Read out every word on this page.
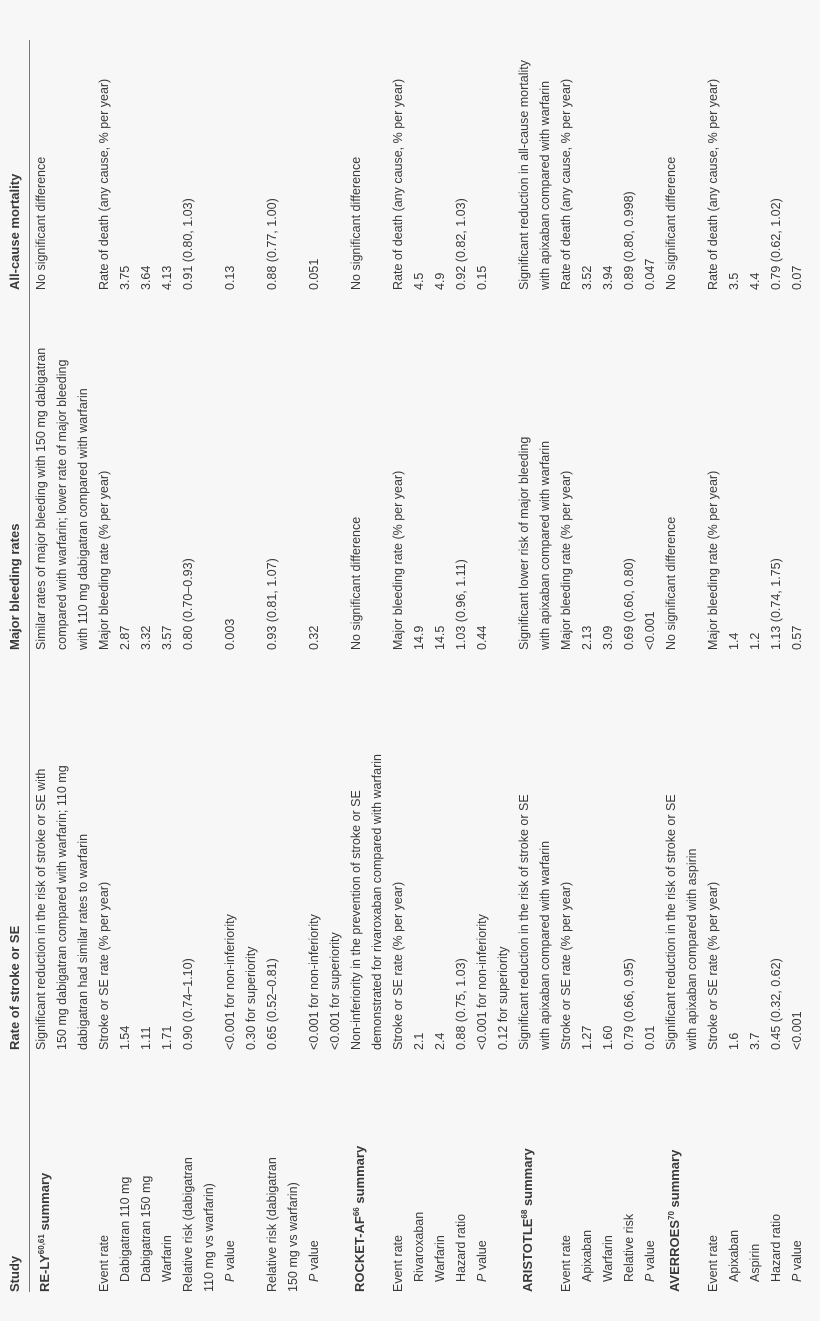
Study
Rate of stroke or SE
Major bleeding rates
All-cause mortality
RE-LY$^{60,61}$ summary
Significant reduction in the risk of stroke or SE with 150 mg dabigatran compared with warfarin; 110 mg dabigatran had similar rates to warfarin
Similar rates of major bleeding with 150 mg dabigatran compared with warfarin; lower rate of major bleeding with 110 mg dabigatran compared with warfarin
No significant difference
Event rate
Stroke or SE rate (% per year)
Major bleeding rate (% per year)
Rate of death (any cause, % per year)
Dabigatran 110 mg
1.54
2.87
3.75
Dabigatran 150 mg
1.11
3.32
3.64
Warfarin
1.71
3.57
4.13
Relative risk (dabigatran 110 mg vs warfarin)
0.90 (0.74–1.10)
0.80 (0.70–0.93)
0.91 (0.80, 1.03)
P value
<0.001 for non-inferiority 0.30 for superiority
0.003
0.13
Relative risk (dabigatran 150 mg vs warfarin)
0.65 (0.52–0.81)
0.93 (0.81, 1.07)
0.88 (0.77, 1.00)
P value
<0.001 for non-inferiority <0.001 for superiority
0.32
0.051
ROCKET-AF$^{66}$ summary
Non-inferiority in the prevention of stroke or SE demonstrated for rivaroxaban compared with warfarin
No significant difference
No significant difference
Event rate
Stroke or SE rate (% per year)
Major bleeding rate (% per year)
Rate of death (any cause, % per year)
Rivaroxaban
2.1
14.9
4.5
Warfarin
2.4
14.5
4.9
Hazard ratio
0.88 (0.75, 1.03)
1.03 (0.96, 1.11)
0.92 (0.82, 1.03)
P value
<0.001 for non-inferiority 0.12 for superiority
0.44
0.15
ARISTOTLE$^{68}$ summary
Significant reduction in the risk of stroke or SE with apixaban compared with warfarin
Significant lower risk of major bleeding with apixaban compared with warfarin
Significant reduction in all-cause mortality with apixaban compared with warfarin
Event rate
Stroke or SE rate (% per year)
Major bleeding rate (% per year)
Rate of death (any cause, % per year)
Apixaban
1.27
2.13
3.52
Warfarin
1.60
3.09
3.94
Relative risk
0.79 (0.66, 0.95)
0.69 (0.60, 0.80)
0.89 (0.80, 0.998)
P value
0.01
<0.001
0.047
AVERROES$^{70}$ summary
Significant reduction in the risk of stroke or SE with apixaban compared with aspirin
No significant difference
No significant difference
Event rate
Stroke or SE rate (% per year)
Major bleeding rate (% per year)
Rate of death (any cause, % per year)
Apixaban
1.6
1.4
3.5
Aspirin
3.7
1.2
4.4
Hazard ratio
0.45 (0.32, 0.62)
1.13 (0.74, 1.75)
0.79 (0.62, 1.02)
P value
<0.001
0.57
0.07
